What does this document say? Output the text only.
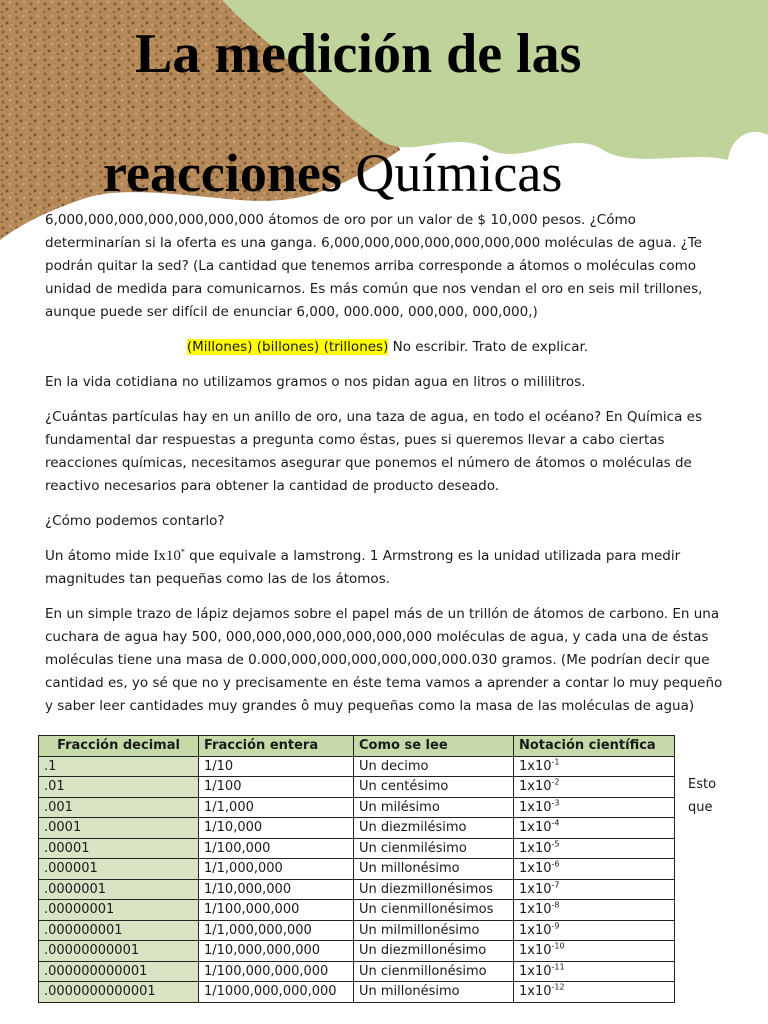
La medición de las
reacciones Químicas

6,000,000,000,000,000,000,000 átomos de oro por un valor de $ 10,000 pesos. ¿Cómo determinarían si la oferta es una ganga. 6,000,000,000,000,000,000,000 moléculas de agua. ¿Te podrán quitar la sed? (La cantidad que tenemos arriba corresponde a átomos o moléculas como unidad de medida para comunicarnos. Es más común que nos vendan el oro en seis mil trillones, aunque puede ser difícil de enunciar 6,000, 000.000, 000,000, 000,000,)

(Millones) (billones) (trillones) No escribir. Trato de explicar.

En la vida cotidiana no utilizamos gramos o nos pidan agua en litros o mililitros.

¿Cuántas partículas hay en un anillo de oro, una taza de agua, en todo el océano? En Química es fundamental dar respuestas a pregunta como éstas, pues si queremos llevar a cabo ciertas reacciones químicas, necesitamos asegurar que ponemos el número de átomos o moléculas de reactivo necesarios para obtener la cantidad de producto deseado.

¿Cómo podemos contarlo?

Un átomo mide Ix10* que equivale a lamstrong. 1 Armstrong es la unidad utilizada para medir magnitudes tan pequeñas como las de los átomos.

En un simple trazo de lápiz dejamos sobre el papel más de un trillón de átomos de carbono. En una cuchara de agua hay 500, 000,000,000,000,000,000,000 moléculas de agua, y cada una de éstas moléculas tiene una masa de 0.000,000,000,000,000,000,000.030 gramos. (Me podrían decir que cantidad es, yo sé que no y precisamente en éste tema vamos a aprender a contar lo muy pequeño y saber leer cantidades muy grandes ô muy pequeñas como la masa de las moléculas de agua)

Fracción decimal	Fracción entera	Como se lee	Notación científica
.1	1/10	Un decimo	$1x10^{-1}$
.01	1/100	Un centésimo	$1x10^{-2}$
.001	1/1,000	Un milésimo	$1x10^{-3}$
.0001	1/10,000	Un diezmilésimo	$1x10^{-4}$
.00001	1/100,000	Un cienmilésimo	$1x10^{-5}$
.000001	1/1,000,000	Un millonésimo	$1x10^{-6}$
.0000001	1/10,000,000	Un diezmillonésimos	$1x10^{-7}$
.00000001	1/100,000,000	Un cienmillonésimos	$1x10^{-8}$
.000000001	1/1,000,000,000	Un milmillonésimo	$1x10^{-9}$
.00000000001	1/10,000,000,000	Un diezmillonésimo	$1x10^{-10}$
.000000000001	1/100,000,000,000	Un cienmillonésimo	$1x10^{-11}$
.0000000000001	1/1000,000,000,000	Un millonésimo	$1x10^{-12}$
Esto
que
